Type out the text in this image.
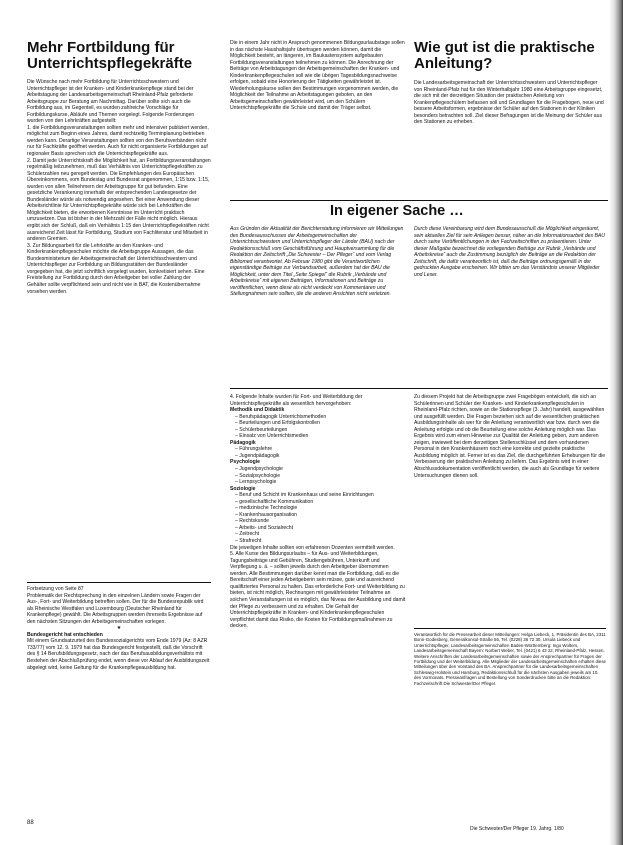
Mehr Fortbildung für Unterrichtspflegekräfte

Die Wünsche nach mehr Fortbildung für Unterrichtsschwestern und Unterrichtspfleger ist der Kranken- und Kinderkrankenpflege stand bei der Arbeitstagung der Landesarbeitsgemeinschaft Rheinland-Pfalz geforderte Arbeitsgruppe zur Beratung am Nachmittag. Darüber sollte sich auch die Fortbildung aus, im Gegenteil, es wurden zahlreiche Vorschläge für Fortbildungskurse, Abläufe und Themen vorgelegt. Folgende Forderungen wurden von den Lehrkräften aufgestellt:

1. die Fortbildungsveranstaltungen sollten mehr und intensiver publiziert werden, möglichst zum Beginn eines Jahres, damit rechtzeitig Terminplanung betrieben werden kann. Derartige Veranstaltungen sollten von den Berufsverbänden nicht nur für Fachkräfte geöffnet werden. Auch für nicht organisierte Fortbildungen auf regionaler Basis sprechen sich die Unterrichtspflegekräfte aus.

2. Damit jede Unterrichtskraft die Möglichkeit hat, an Fortbildungsveranstaltungen regelmäßig teilzunehmen, muß das Verhältnis von Unterrichtspflegekräften zu Schülerzahlen neu geregelt werden. Die Empfehlungen des Europäischen Übereinkommens, vom Bundestag und Bundesrat angenommen, 1:15 bzw. 1:15, wurden von allen Teilnehmern der Arbeitsgruppe für gut befunden. Eine gesetzliche Verankerung innerhalb der entsprechenden Landesgesetze der Bundesländer würde als notwendig angesehen. Bei einer Anwendung dieser Arbeitsrichtlinie für Unterrichtspflegekräfte würde sich bei Lehrkräften die Möglichkeit bieten, die erworbenen Kenntnisse im Unterricht praktisch umzusetzen. Das ist bisher in der Mehrzahl der Fälle nicht möglich. Hieraus ergibt sich der Schluß, daß ein Verhältnis 1:15 den Unterrichtspflegekräften nicht ausreichend Zeit lässt für Fortbildung, Studium von Fachliteratur und Mitarbeit in anderen Gremien.

3. Zur Bildungsarbeit für die Lehrkräfte an den Kranken- und Kinderkrankenpflegeschulen möchte die Arbeitsgruppe Aussagen, die das Bundesministerium der Arbeitsgemeinschaft der Unterrichtsschwestern und Unterrichtspfleger zur Fortbildung an Bildungsstätten der Bundesländer vorgegeben hat, die jetzt schriftlich vorgelegt wurden, konkretisiert sehen. Eine Freistellung zur Fortbildung durch den Arbeitgeber bei voller Zahlung der Gehälter sollte verpflichtend sein und nicht wie in BAT, die Kostenübernahme vorsehen werden.

Die in einem Jahr nicht in Anspruch genommenen Bildungsurlaubstage sollen in das nächste Haushaltsjahr übertragen werden können, damit die Möglichkeit besteht, an längeren, im Baukastensystem aufgebauten Fortbildungsveranstaltungen teilnehmen zu können. Die Anrechnung der Beiträge von Arbeitstagungen der Arbeitsgemeinschaften der Kranken- und Kinderkrankenpflegeschulen soll wie die übrigen Tagesbildungsnachweise erfolgen, sobald eine Honorierung der Tätigkeiten gewährleistet ist. Wiederholungskurse sollen den Bestimmungen vorgenommen werden, die Möglichkeit der Teilnahme an Arbeitstagungen geboten, an den Arbeitsgemeinschaften gewährleistet wird, um den Schülern Unterrichtspflegekräfte die Schule und damit der Träger selbst.

Wie gut ist die praktische Anleitung?

Die Landesarbeitsgemeinschaft der Unterrichtsschwestern und Unterrichtspfleger von Rheinland-Pfalz hat für den Winterhalbjahr 1980 eine Arbeitsgruppe eingesetzt, die sich mit der derzeitigen Situation der praktischen Anleitung von Krankenpflegeschülern befassen soll und Grundlagen für die Fragebogen, neue und bessere Arbeitsformen, ergebnisse der Schüler auf den Stationen in der Kliniken besonders betrachten soll. Ziel dieser Befragungen ist die Meinung der Schüler aus den Stationen zu erheben.

In eigener Sache …

Aus Gründen der Aktualität der Berichterstattung informieren wir Mitteilungen des Bundesausschusses der Arbeitsgemeinschaften der Unterrichtsschwestern und Unterrichtspfleger der Länder (BAU) nach der Redaktionsschluß vom Geschäftsführung und Hauptversammlung für die Redaktion der Zeitschrift „Die Schwester – Der Pfleger“ und vom Verlag Bibliomed verantwortet. Ab Februar 1980 gibt die Verantwortlichen eigenständige Beiträge zur Verbandsarbeit, außerdem hat der BAU die Möglichkeit, unter dem Titel „Seite Spiegel“ die Rubrik „Verbände und Arbeitskreise“ mit eigenen Beiträgen, Informationen und Beiträge zu veröffentlichen, wenn diese als nicht verdeckt von Kommentaren und Stellungnahmen sein sollten, die die anderen Ansichten nicht verletzen.

Durch diese Vereinbarung wird dem Bundesausschuß die Möglichkeit eingeräumt, sein aktuelles Ziel für sein Anliegen besser, näher an die Informationsarbeit des BAU durch seine Veröffentlichungen in den Fachzeitschriften zu präsentieren. Unter dieser Maßgabe bezeichnet die vorliegenden Beiträge zur Rubrik „Verbände und Arbeitskreise“ auch die Zustimmung bezüglich der Beiträge an die Redaktion der Zeitschrift, die dafür verantwortlich ist, daß die Beiträge ordnungsgemäß in der gedruckten Ausgabe erscheinen. Wir bitten um das Verständnis unserer Mitglieder und Leser.

4. Folgende Inhalte wurden für Fort- und Weiterbildung der Unterrichtspflegekräfte als wesentlich hervorgehoben:

Methodik und Didaktik

– Berufspädagogik Unterrichtsmethoden
– Beurteilungen und Erfolgskontrollen
– Schülerbeurteilungen
– Einsatz von Unterrichtsmedien

Pädagogik

– Führungslehre
– Jugendpädagogik

Psychologie

– Jugendpsychologie
– Sozialpsychologie
– Lernpsychologie

Soziologie

– Beruf und Schicht im Krankenhaus und seine Einrichtungen
– gesellschaftliche Kommunikation
– medizinische Technologie
– Krankenhausorganisation
– Rechtskunde
– Arbeits- und Sozialrecht
– Zeitrecht
– Strafrecht

Die jeweiligen Inhalte sollten von erfahrenen Dozenten vermittelt werden.

5. Alle Kurse des Bildungsurlaubs – für Aus- und Weiterbildungen, Tagungsbeiträge und Gebühren, Studiengebühren, Unterkunft und Verpflegung u. ä. – sollten jeweils durch den Arbeitgeber übernommen werden. Alle Bestimmungen darüber kennt man die Fortbildung, daß es die Bereitschaft einer jeden Arbeitgeberin sein müsse, gute und ausreichend qualifiziertes Personal zu halten. Das erforderliche Fort- und Weiterbildung zu bieten, ist nicht möglich, Rechnungen mit gewährleisteter Teilnahme an solchen Veranstaltungen ist es möglich, das Niveau der Ausbildung und damit der Pflege zu verbessern und zu erhalten. Die Gehalt der Unterrichtspflegekräfte in Kranken- und Kinderkrankenpflegeschulen verpflichtet damit das Risiko, die Kosten für Fortbildungsmaßnahmen zu decken.

Zu diesem Projekt hat die Arbeitsgruppe zwei Fragebögen entwickelt, die sich an Schülerinnen und Schüler der Kranken- und Kinderkrankenpflegeschulen in Rheinland-Pfalz richten, sowie an die Stationspflege (3. Jahr) handelt, ausgewählten und ausgefüllt werden. Die Fragen beziehen sich auf die wesentlichen praktischen Ausbildungsinhalte als wer für die Anleitung verantwortlich war bzw. durch wen die Anleitung erfolgte und ob die Beurteilung eine solche Anleitung möglich war. Das Ergebnis wird zum einen Hinweise zur Qualität der Anleitung geben, zum anderen zeigen, inwieweit bei dem derzeitigen Stellenschlüssel und dem vorhandenen Personal in den Krankenhäusern noch eine korrekte und gezielte praktische Ausbildung möglich ist. Ferner ist es das Ziel, die durchgeführten Erhebungen für die Verbesserung der praktischen Anleitung zu liefern. Das Ergebnis wird in einer Abschlussdokumentation veröffentlicht werden, die auch als Grundlage für weitere Untersuchungen dienen soll.

Verantwortlich für die Pressearbeit dieser Mitteilungen: Helga Liebeck, 1. Präsidentin des BA, 2311 Bonn-Godesberg, Generalkonsul-Straße 56, Tel. (0228) 36 72 30, Ursula Liebeck und Unterrichtspfleger, Landesarbeitsgemeinschaften Baden-Württemberg: Ingo Wolters, Landesarbeitsgemeinschaft Bayern: Norbert Weber, Tel. (0421) 6 43 22, Rheinland-Pfalz, Hessen. Weitere Anschriften der Landesarbeitsgemeinschaften sowie der Ansprechpartner für Fragen der Fortbildung und der Weiterbildung. Alle Mitglieder der Landesarbeitsgemeinschaften erhalten diese Mitteilungen über den Vorstand des BA. Ansprechpartner für die Landesarbeitsgemeinschaften Schleswig-Holstein und Hamburg, Redaktionsschluß für die nächsten Ausgaben jeweils am 10. des Vormonats. Presseanfragen und Bestellung von Sonderdrucken bitte an die Redaktion: Fachzeitschrift Die Schwester/Der Pfleger.

Fortsetzung von Seite 87

Problematik der Rechtsprechung in den einzelnen Ländern sowie Fragen der Aus-, Fort- und Weiterbildung betreffen sollen. Der für die Bundesrepublik wird als Rheinische Westfalen und Luxembourg (Deutscher Rheinland für Krankenpflege) gewählt. Die Arbeitsgruppen werden ihrerseits Ergebnisse auf den nächsten Sitzungen der Arbeitsgemeinschaften vorlegen.

★

Bundesgericht hat entschieden

Mit einem Grundsatzurteil des Bundessozialgerichts vom Ende 1979 (Az: 8 AZR 733/77) vom 12. 9. 1979 hat das Bundesgericht festgestellt, daß die Vorschrift des § 14 Berufsbildungsgesetz, nach der das Berufsausbildungsverhältnis mit Bestehen der Abschlußprüfung endet, wenn diese vor Ablauf der Ausbildungszeit abgelegt wird, keine Geltung für die Krankenpflegeausbildung hat.

88
Die Schwester/Der Pfleger 19. Jahrg. 1/80
